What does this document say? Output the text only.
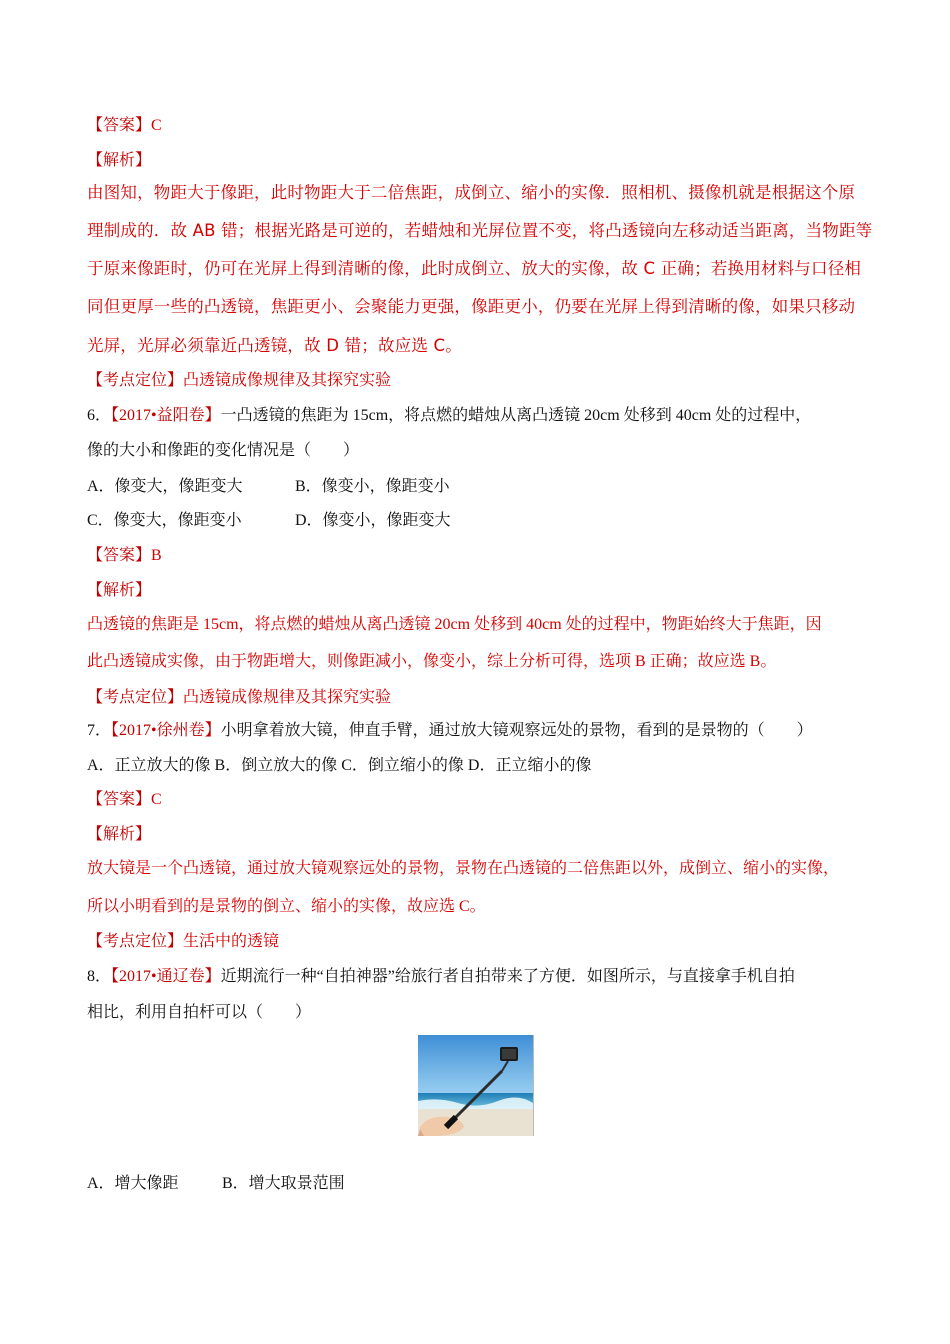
【答案】C
【解析】
由图知，物距大于像距，此时物距大于二倍焦距，成倒立、缩小的实像．照相机、摄像机就是根据这个原
理制成的．故 AB 错；根据光路是可逆的，若蜡烛和光屏位置不变，将凸透镜向左移动适当距离，当物距等
于原来像距时，仍可在光屏上得到清晰的像，此时成倒立、放大的实像，故 C 正确；若换用材料与口径相
同但更厚一些的凸透镜，焦距更小、会聚能力更强，像距更小，仍要在光屏上得到清晰的像，如果只移动
光屏，光屏必须靠近凸透镜，故 D 错；故应选 C。
【考点定位】凸透镜成像规律及其探究实验
6．【2017•益阳卷】一凸透镜的焦距为 15cm，将点燃的蜡烛从离凸透镜 20cm 处移到 40cm 处的过程中，
像的大小和像距的变化情况是（　　）
A．像变大，像距变大	B．像变小，像距变小
C．像变大，像距变小	D．像变小，像距变大
【答案】B
【解析】
凸透镜的焦距是 15cm，将点燃的蜡烛从离凸透镜 20cm 处移到 40cm 处的过程中，物距始终大于焦距，因
此凸透镜成实像，由于物距增大，则像距减小，像变小，综上分析可得，选项 B 正确；故应选 B。
【考点定位】凸透镜成像规律及其探究实验
7．【2017•徐州卷】小明拿着放大镜，伸直手臂，通过放大镜观察远处的景物，看到的是景物的（　　）
A．正立放大的像 B．倒立放大的像 C．倒立缩小的像 D．正立缩小的像
【答案】C
【解析】
放大镜是一个凸透镜，通过放大镜观察远处的景物，景物在凸透镜的二倍焦距以外，成倒立、缩小的实像，
所以小明看到的是景物的倒立、缩小的实像，故应选 C。
【考点定位】生活中的透镜
8．【2017•通辽卷】近期流行一种“自拍神器”给旅行者自拍带来了方便．如图所示，与直接拿手机自拍
相比，利用自拍杆可以（　　）
A．增大像距	B．增大取景范围
